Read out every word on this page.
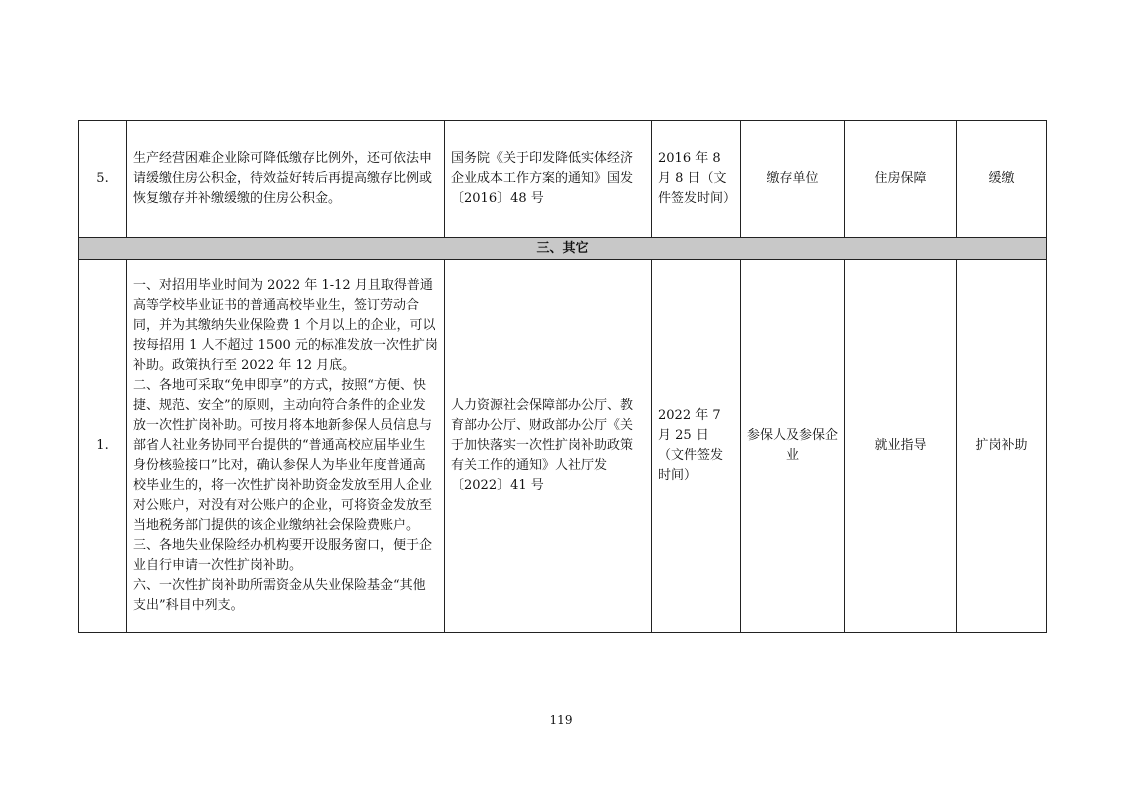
5.	生产经营困难企业除可降低缴存比例外，还可依法申请缓缴住房公积金，待效益好转后再提高缴存比例或恢复缴存并补缴缓缴的住房公积金。	国务院《关于印发降低实体经济企业成本工作方案的通知》国发〔2016〕48 号	2016 年 8 月 8 日（文件签发时间）	缴存单位	住房保障	缓缴
三、其它						
1.	一、对招用毕业时间为 2022 年 1-12 月且取得普通高等学校毕业证书的普通高校毕业生，签订劳动合同，并为其缴纳失业保险费 1 个月以上的企业，可以按每招用 1 人不超过 1500 元的标准发放一次性扩岗补助。政策执行至 2022 年 12 月底。
二、各地可采取“免申即享”的方式，按照“方便、快捷、规范、安全”的原则，主动向符合条件的企业发放一次性扩岗补助。可按月将本地新参保人员信息与部省人社业务协同平台提供的“普通高校应届毕业生身份核验接口”比对，确认参保人为毕业年度普通高校毕业生的，将一次性扩岗补助资金发放至用人企业对公账户，对没有对公账户的企业，可将资金发放至当地税务部门提供的该企业缴纳社会保险费账户。
三、各地失业保险经办机构要开设服务窗口，便于企业自行申请一次性扩岗补助。
六、一次性扩岗补助所需资金从失业保险基金“其他支出”科目中列支。	人力资源社会保障部办公厅、教育部办公厅、财政部办公厅《关于加快落实一次性扩岗补助政策有关工作的通知》人社厅发〔2022〕41 号	2022 年 7 月 25 日（文件签发时间）	参保人及参保企业	就业指导	扩岗补助
119
